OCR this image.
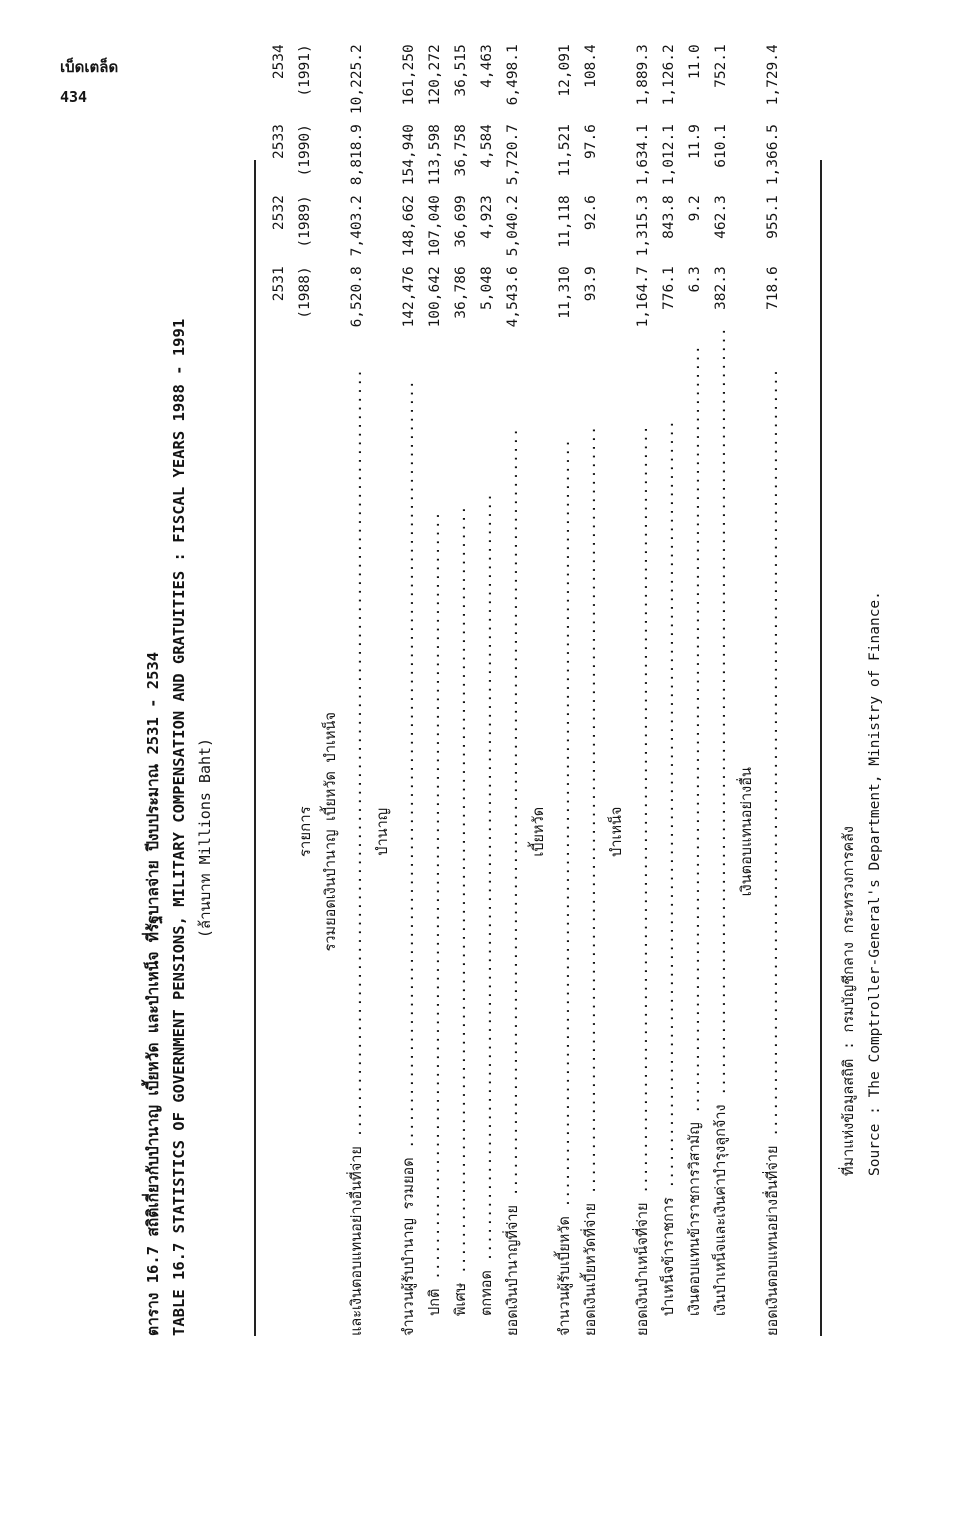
เบ็ดเตล็ด
434
ตาราง 16.7 สถิติเกี่ยวกับบำนาญ เบี้ยหวัด และบำเหน็จ ที่รัฐบาลจ่าย ปีงบประมาณ 2531 - 2534 TABLE 16.7 STATISTICS OF GOVERNMENT PENSIONS, MILITARY COMPENSATION AND GRATUITIES : FISCAL YEARS 1988 - 1991 (ล้านบาท Millions Baht)	รายการ	2531	2532	2533	2534	
	(1988)	(1989)	(1990)	(1991)	

รวมยอดเงินบำนาญ เบี้ยหวัด บำเหน็จ					
และเงินตอบแทนอย่างอื่นที่จ่าย .....	6,520.8	7,403.2	8,818.9	10,225.2	

บำนาญ					
จำนวนผู้รับบำนาญ รวมยอด .....	142,476	148,662	154,940	161,250	
ปกติ .....	100,642	107,040	113,598	120,272	
พิเศษ .....	36,786	36,699	36,758	36,515	
ตกทอด .....	5,048	4,923	4,584	4,463	
ยอดเงินบำนาญที่จ่าย .....	4,543.6	5,040.2	5,720.7	6,498.1	

เบี้ยหวัด					
จำนวนผู้รับเบี้ยหวัด .....	11,310	11,118	11,521	12,091	
ยอดเงินเบี้ยหวัดที่จ่าย .....	93.9	92.6	97.6	108.4	

บำเหน็จ					
ยอดเงินบำเหน็จที่จ่าย .....	1,164.7	1,315.3	1,634.1	1,889.3	
บำเหน็จข้าราชการ .....	776.1	843.8	1,012.1	1,126.2	
เงินตอบแทนข้าราชการวิสามัญ .....	6.3	9.2	11.9	11.0	
เงินบำเหน็จและเงินค่าบำรุงลูกจ้าง .....	382.3	462.3	610.1	752.1	

เงินตอบแทนอย่างอื่น					
ยอดเงินตอบแทนอย่างอื่นที่จ่าย .....	718.6	955.1	1,366.5	1,729.4	
ที่มาแห่งข้อมูลสถิติ : กรมบัญชีกลาง กระทรวงการคลัง Source : The Comptroller-General's Department, Ministry of Finance.
